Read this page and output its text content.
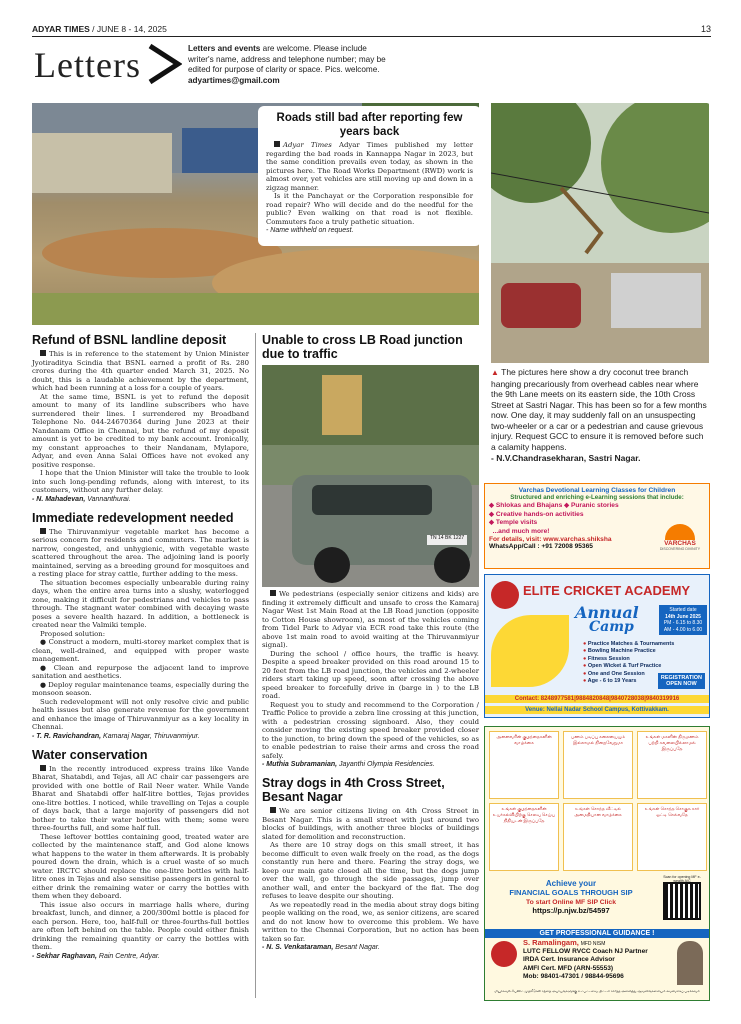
ADYAR TIMES / JUNE 8 - 14, 2025	13
Letters	Letters and events are welcome. Please include writer's name, address and telephone number; may be edited for purpose of clarity or space. Pics. welcome. adyartimes@gmail.com
Roads still bad after reporting few years back

Adyar Times Adyar Times published my letter regarding the bad roads in Kannappa Nagar in 2023, but the same condition prevails even today, as shown in the pictures here. The Road Works Department (RWD) work is almost over, yet vehicles are still moving up and down in a zigzag manner.

Is it the Panchayat or the Corporation responsible for road repair? Who will decide and do the needful for the public? Even walking on that road is not flexible. Commuters face a truly pathetic situation.

- Name withheld on request.
▲ The pictures here show a dry coconut tree branch hanging precariously from overhead cables near where the 9th Lane meets on its eastern side, the 10th Cross Street at Sastri Nagar. This has been so for a few months now. One day, it may suddenly fall on an unsuspecting two-wheeler or a car or a pedestrian and cause grievous injury. Request GCC to ensure it is removed before such a calamity happens.
- N.V.Chandrasekharan, Sastri Nagar.
Refund of BSNL landline deposit

This is in reference to the statement by Union Minister Jyotiraditya Scindia that BSNL earned a profit of Rs. 280 crores during the 4th quarter ended March 31, 2025. No doubt, this is a laudable achievement by the department, which had been running at a loss for a couple of years.

At the same time, BSNL is yet to refund the deposit amount to many of its landline subscribers who have surrendered their lines. I surrendered my Broadband Telephone No. 044-24670364 during June 2023 at their Nandanam Office in Chennai, but the refund of my deposit amount is yet to be credited to my bank account. Ironically, my constant approaches to their Nandanam, Mylapore, Adyar, and even Anna Salai Offices have not evoked any positive response.

I hope that the Union Minister will take the trouble to look into such long-pending refunds, along with interest, to its customers, without any further delay.

- N. Mahadevan, Vannanthurai.
Immediate redevelopment needed

The Thiruvanmiyur vegetable market has become a serious concern for residents and commuters. The market is narrow, congested, and unhygienic, with vegetable waste scattered throughout the area. The adjoining land is poorly maintained, serving as a breeding ground for mosquitoes and a resting place for stray cattle, further adding to the mess.

The situation becomes especially unbearable during rainy days, when the entire area turns into a slushy, waterlogged zone, making it difficult for pedestrians and vehicles to pass through. The stagnant water combined with decaying waste poses a severe health hazard. In addition, a bottleneck is created near the Valmiki temple.

Proposed solution:

● Construct a modern, multi-storey market complex that is clean, well-drained, and equipped with proper waste management.

● Clean and repurpose the adjacent land to improve sanitation and aesthetics.

● Deploy regular maintenance teams, especially during the monsoon season.

Such redevelopment will not only resolve civic and public health issues but also generate revenue for the government and enhance the image of Thiruvanmiyur as a key locality in Chennai.

- T. R. Ravichandran, Kamaraj Nagar, Thiruvanmiyur.
Water conservation

In the recently introduced express trains like Vande Bharat, Shatabdi, and Tejas, all AC chair car passengers are provided with one bottle of Rail Neer water. While Vande Bharat and Shatabdi offer half-litre bottles, Tejas provides one-litre bottles. I noticed, while travelling on Tejas a couple of days back, that a large majority of passengers did not bother to take their water bottles with them; some were three-fourths full, and some half full.

These leftover bottles containing good, treated water are collected by the maintenance staff, and God alone knows what happens to the water in them afterwards. It is probably poured down the drain, which is a cruel waste of so much water. IRCTC should replace the one-litre bottles with half-litre ones in Tejas and also sensitise passengers in general to either drink the remaining water or carry the bottles with them when they deboard.

This issue also occurs in marriage halls where, during breakfast, lunch, and dinner, a 200/300ml bottle is placed for each person. Here, too, half-full or three-fourths-full bottles are often left behind on the table. People could either finish drinking the remaining quantity or carry the bottles with them.

- Sekhar Raghavan, Rain Centre, Adyar.
Unable to cross LB Road junction due to traffic
TN 14 BK 1227

We pedestrians (especially senior citizens and kids) are finding it extremely difficult and unsafe to cross the Kamaraj Nagar West 1st Main Road at the LB Road junction (opposite to Cotton House showroom), as most of the vehicles coming from Tidel Park to Adyar via ECR road take this route (the above 1st main road to avoid waiting at the Thiruvanmiyur signal).

During the school / office hours, the traffic is heavy. Despite a speed breaker provided on this road around 15 to 20 feet from the LB road junction, the vehicles and 2-wheeler riders start taking up speed, soon after crossing the above speed breaker to forcefully drive in (barge in ) to the LB road.

Request you to study and recommend to the Corporation / Traffic Police to provide a zebra line crossing at this junction, with a pedestrian crossing signboard. Also, they could consider moving the existing speed breaker provided closer to the junction, to bring down the speed of the vehicles, so as to enable pedestrian to raise their arms and cross the road safely.

- Muthia Subramanian, Jayanthi Olympia Residencies.
Stray dogs in 4th Cross Street, Besant Nagar

We are senior citizens living on 4th Cross Street in Besant Nagar. This is a small street with just around two blocks of buildings, with another three blocks of buildings slated for demolition and reconstruction.

As there are 10 stray dogs on this small street, it has become difficult to even walk freely on the road, as the dogs constantly run here and there. Fearing the stray dogs, we keep our main gate closed all the time, but the dogs jump over the wall, go through the side passages, jump over another wall, and enter the backyard of the flat. The dog refuses to leave despite our shouting.

As we repeatedly read in the media about stray dogs biting people walking on the road, we, as senior citizens, are scared and do not know how to overcome this problem. We have written to the Chennai Corporation, but no action has been taken so far.

- N. S. Venkataraman, Besant Nagar.
Varchas Devotional Learning Classes for Children
Structured and enriching e-Learning sessions that include:
◆ Shlokas and Bhajans ◆ Puranic stories
◆ Creative hands-on activities
◆ Temple visits
...and much more!
For details, visit: www.varchas.shiksha
WhatsApp/Call : +91 72008 95365	VARCHAS
DISCOVERING DIVINITY
ELITE CRICKET ACADEMY
Annual
Camp
Started date
14th June 2025
PM - 6.15 to 8.30
AM - 4.00 to 6.00
● Practice Matches & Tournaments
● Bowling Machine Practice
● Fitness Session
● Open Wicket & Turf Practice
● One and One Session
● Age - 6 to 19 Years
REGISTRATION
OPEN NOW
Contact: 8248977581|9884820848|9840728038|9840319916
Venue: Nellai Nadar School Campus, Kottivakkam.
அனைவரின் குழந்தைகளின் வாழ்க்கை
பணம் படிப்பு கலையையும் இல்லாமல் நிறைவேறுமா
உங்கள் மகளின் திருமணம் பற்றி கவலையில்லாமல் இருப்பதே
உங்கள் குழந்தைகளின் உயர்கல்வியிற்கு செலவு செய்ய நிதியுடன் இருப்பதே
உங்கள் சொந்த வீட்டில் அமைதியான வாழ்க்கை
உங்கள் சொந்த சொகுசு கார் ஓட்டி செல்வதே
Achieve your
FINANCIAL GOALS THROUGH SIP
To start Online MF SIP Click
https://p.njw.bz/54597
Scan for opening MF e-wealth A/C
GET PROFESSIONAL GUIDANCE !
S. Ramalingam, MFD NISM
LUTC FELLOW RVCC Coach NJ Partner
IRDA Cert. Insurance Advisor
AMFI Cert. MFD (ARN-55553)
Mob: 98401-47301 / 98844-95696
மியூச்சுவல் ஃபண்ட் முதலீடுகள் சந்தை அபாயங்களுக்கு உட்பட்டவை, திட்டம் சார்ந்த அனைத்து ஆவணங்களையும் கவனமாகப் படிக்கவும்
